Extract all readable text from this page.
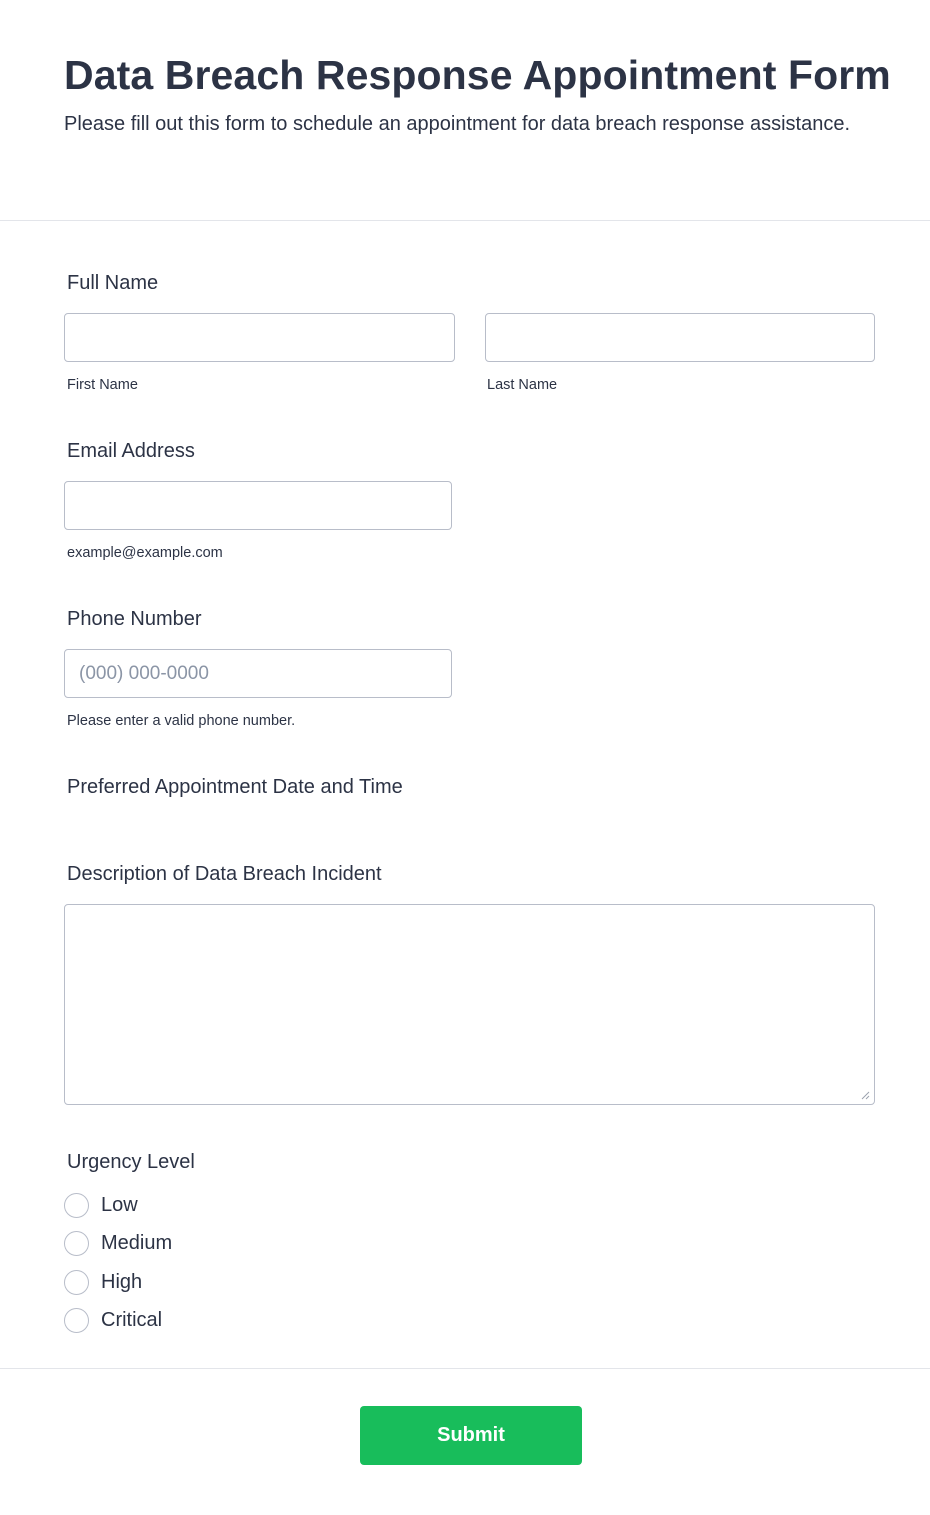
Data Breach Response Appointment Form

Please fill out this form to schedule an appointment for data breach response assistance.

Full Name
First Name	Last Name
Email Address
example@example.com
Phone Number
(000) 000-0000
Please enter a valid phone number.
Preferred Appointment Date and Time
Description of Data Breach Incident
Urgency Level
Low
Medium
High
Critical
Submit
